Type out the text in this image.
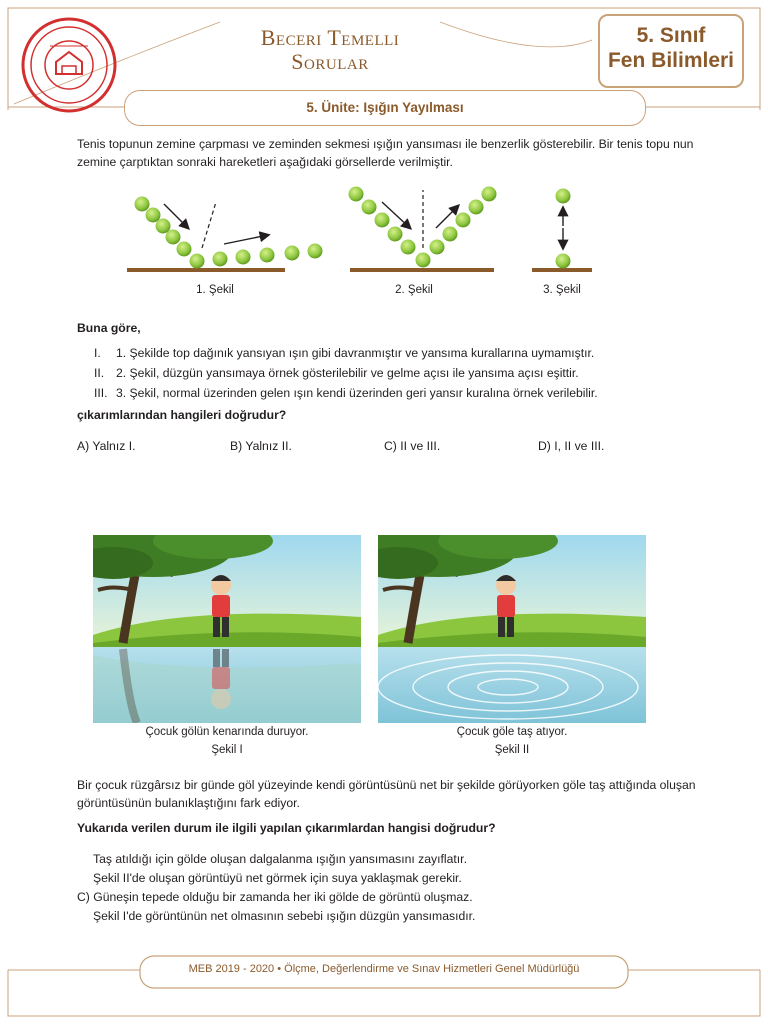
Beceri Temelli
Sorular
5. Sınıf
Fen Bilimleri
5. Ünite: Işığın Yayılması
Tenis topunun zemine çarpması ve zeminden sekmesi ışığın yansıması ile benzerlik gösterebilir. Bir tenis topu nun zemine çarptıktan sonraki hareketleri aşağıdaki görsellerde verilmiştir.
1. Şekil	2. Şekil	3. Şekil
Buna göre,
I. 1. Şekilde top dağınık yansıyan ışın gibi davranmıştır ve yansıma kurallarına uymamıştır.
II. 2. Şekil, düzgün yansımaya örnek gösterilebilir ve gelme açısı ile yansıma açısı eşittir.
III. 3. Şekil, normal üzerinden gelen ışın kendi üzerinden geri yansır kuralına örnek verilebilir.
çıkarımlarından hangileri doğrudur?
A) Yalnız I.	B) Yalnız II.	C) II ve III.	D) I, II ve III.
Çocuk gölün kenarında duruyor.
Şekil I
Çocuk göle taş atıyor.
Şekil II
Bir çocuk rüzgârsız bir günde göl yüzeyinde kendi görüntüsünü net bir şekilde görüyorken göle taş attığında oluşan görüntüsünün bulanıklaştığını fark ediyor.
Yukarıda verilen durum ile ilgili yapılan çıkarımlardan hangisi doğrudur?
Taş atıldığı için gölde oluşan dalgalanma ışığın yansımasını zayıflatır.
Şekil II'de oluşan görüntüyü net görmek için suya yaklaşmak gerekir.
C) Güneşin tepede olduğu bir zamanda her iki gölde de görüntü oluşmaz.
Şekil I'de görüntünün net olmasının sebebi ışığın düzgün yansımasıdır.
MEB 2019 - 2020 • Ölçme, Değerlendirme ve Sınav Hizmetleri Genel Müdürlüğü
